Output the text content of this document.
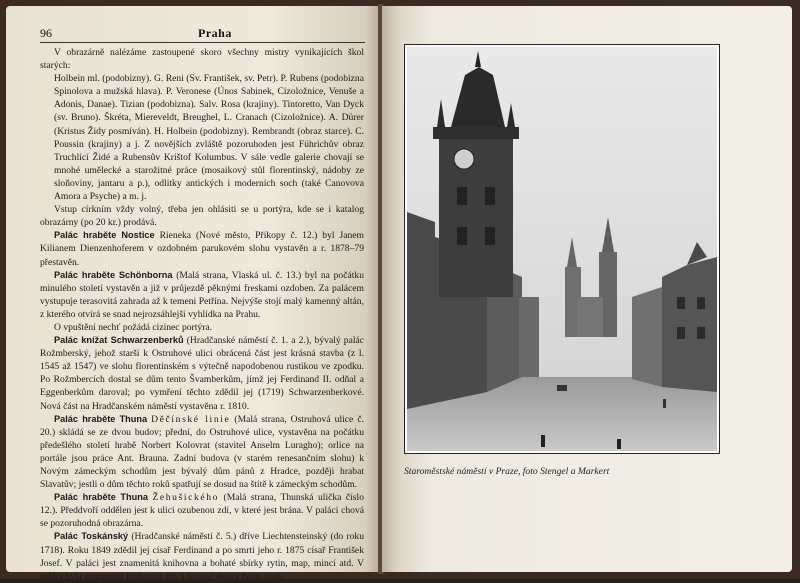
96	Praha

V obrazárně nalézáme zastoupené skoro všechny mistry vynikajících škol starých:

Holbein ml. (podobizny). G. Reni (Sv. František, sv. Petr). P. Rubens (podobizna Spinolova a mužská hlava). P. Veronese (Únos Sabinek, Cizoložnice, Venuše a Adonis, Danae). Tizian (podobizna). Salv. Rosa (krajiny). Tintoretto, Van Dyck (sv. Bruno). Škréta, Miereveldt, Breughel, L. Cranach (Cizoložnice). A. Dürer (Kristus Židy posmíván). H. Holbein (podobizny). Rembrandt (obraz starce). C. Poussin (krajiny) a j. Z novějších zvláště pozoruhoden jest Führichův obraz Truchlící Židé a Rubensův Krištof Kolumbus. V sále vedle galerie chovají se mnohé umělecké a starožitné práce (mosaikový stůl florentinský, nádoby ze sloňoviny, jantaru a p.), odlitky antických i moderních soch (také Canovova Amora a Psyche) a m. j.

Vstup církním vždy volný, třeba jen ohlásiti se u portýra, kde se i katalog obrazárny (po 20 kr.) prodává.

Palác hraběte Nostice Rieneka (Nové město, Příkopy č. 12.) byl Janem Kilianem Dienzenhoferem v ozdobném parukovém slohu vystavěn a r. 1878–79 přestavěn.

Palác hraběte Schönborna (Malá strana, Vlaská ul. č. 13.) byl na počátku minulého století vystavěn a již v průjezdě pěknými freskami ozdoben. Za palácem vystupuje terasovitá zahrada až k temeni Petřína. Nejvýše stojí malý kamenný altán, z kterého otvírá se snad nejrozsáhlejší vyhlídka na Prahu.

O vpuštění nechť požádá cizinec portýra.

Palác knížat Schwarzenberků (Hradčanské náměstí č. 1. a 2.), bývalý palác Rožmberský, jehož starší k Ostruhové ulici obrácená část jest krásná stavba (z l. 1545 až 1547) ve slohu florentinském s výtečně napodobenou rustikou ve zpodku. Po Rožmbercích dostal se dům tento Švamberkům, jímž jej Ferdinand II. odňal a Eggenberkům daroval; po vymření těchto zdědil jej (1719) Schwarzenberkové. Nová část na Hradčanském náměstí vystavěna r. 1810.

Palác hraběte Thuna Děčínské linie (Malá strana, Ostruhová ulice č. 20.) skládá se ze dvou budov; přední, do Ostruhové ulice, vystavěna na počátku předešlého století hrabě Norbert Kolovrat (stavitel Anselm Luragho); orlice na portále jsou práce Ant. Brauna. Zadní budova (v starém renesančním slohu) k Novým zámeckým schodům jest bývalý dům pánů z Hradce, později hrabat Slavatův; jestli o dům těchto roků spatřují se dosud na štítě k zámeckým schodům.

Palác hraběte Thuna Žehušického (Malá strana, Thunská ulička číslo 12.). Předdvoří oddělen jest k ulici ozubenou zdí, v které jest brána. V paláci chová se pozoruhodná obrazárna.

Palác Toskánský (Hradčanské náměstí č. 5.) dříve Liechtensteinský (do roku 1718). Roku 1849 zdědil jej císař Ferdinand a po smrti jeho r. 1875 císař František Josef. V paláci jest znamenitá knihovna a bohaté sbírky rytin, map, mincí atd. V paláci byla znamenitá knihovna atd. a bohaté sbírky rytin, map,

Staroměstské náměstí v Praze, foto Stengel a Markert
